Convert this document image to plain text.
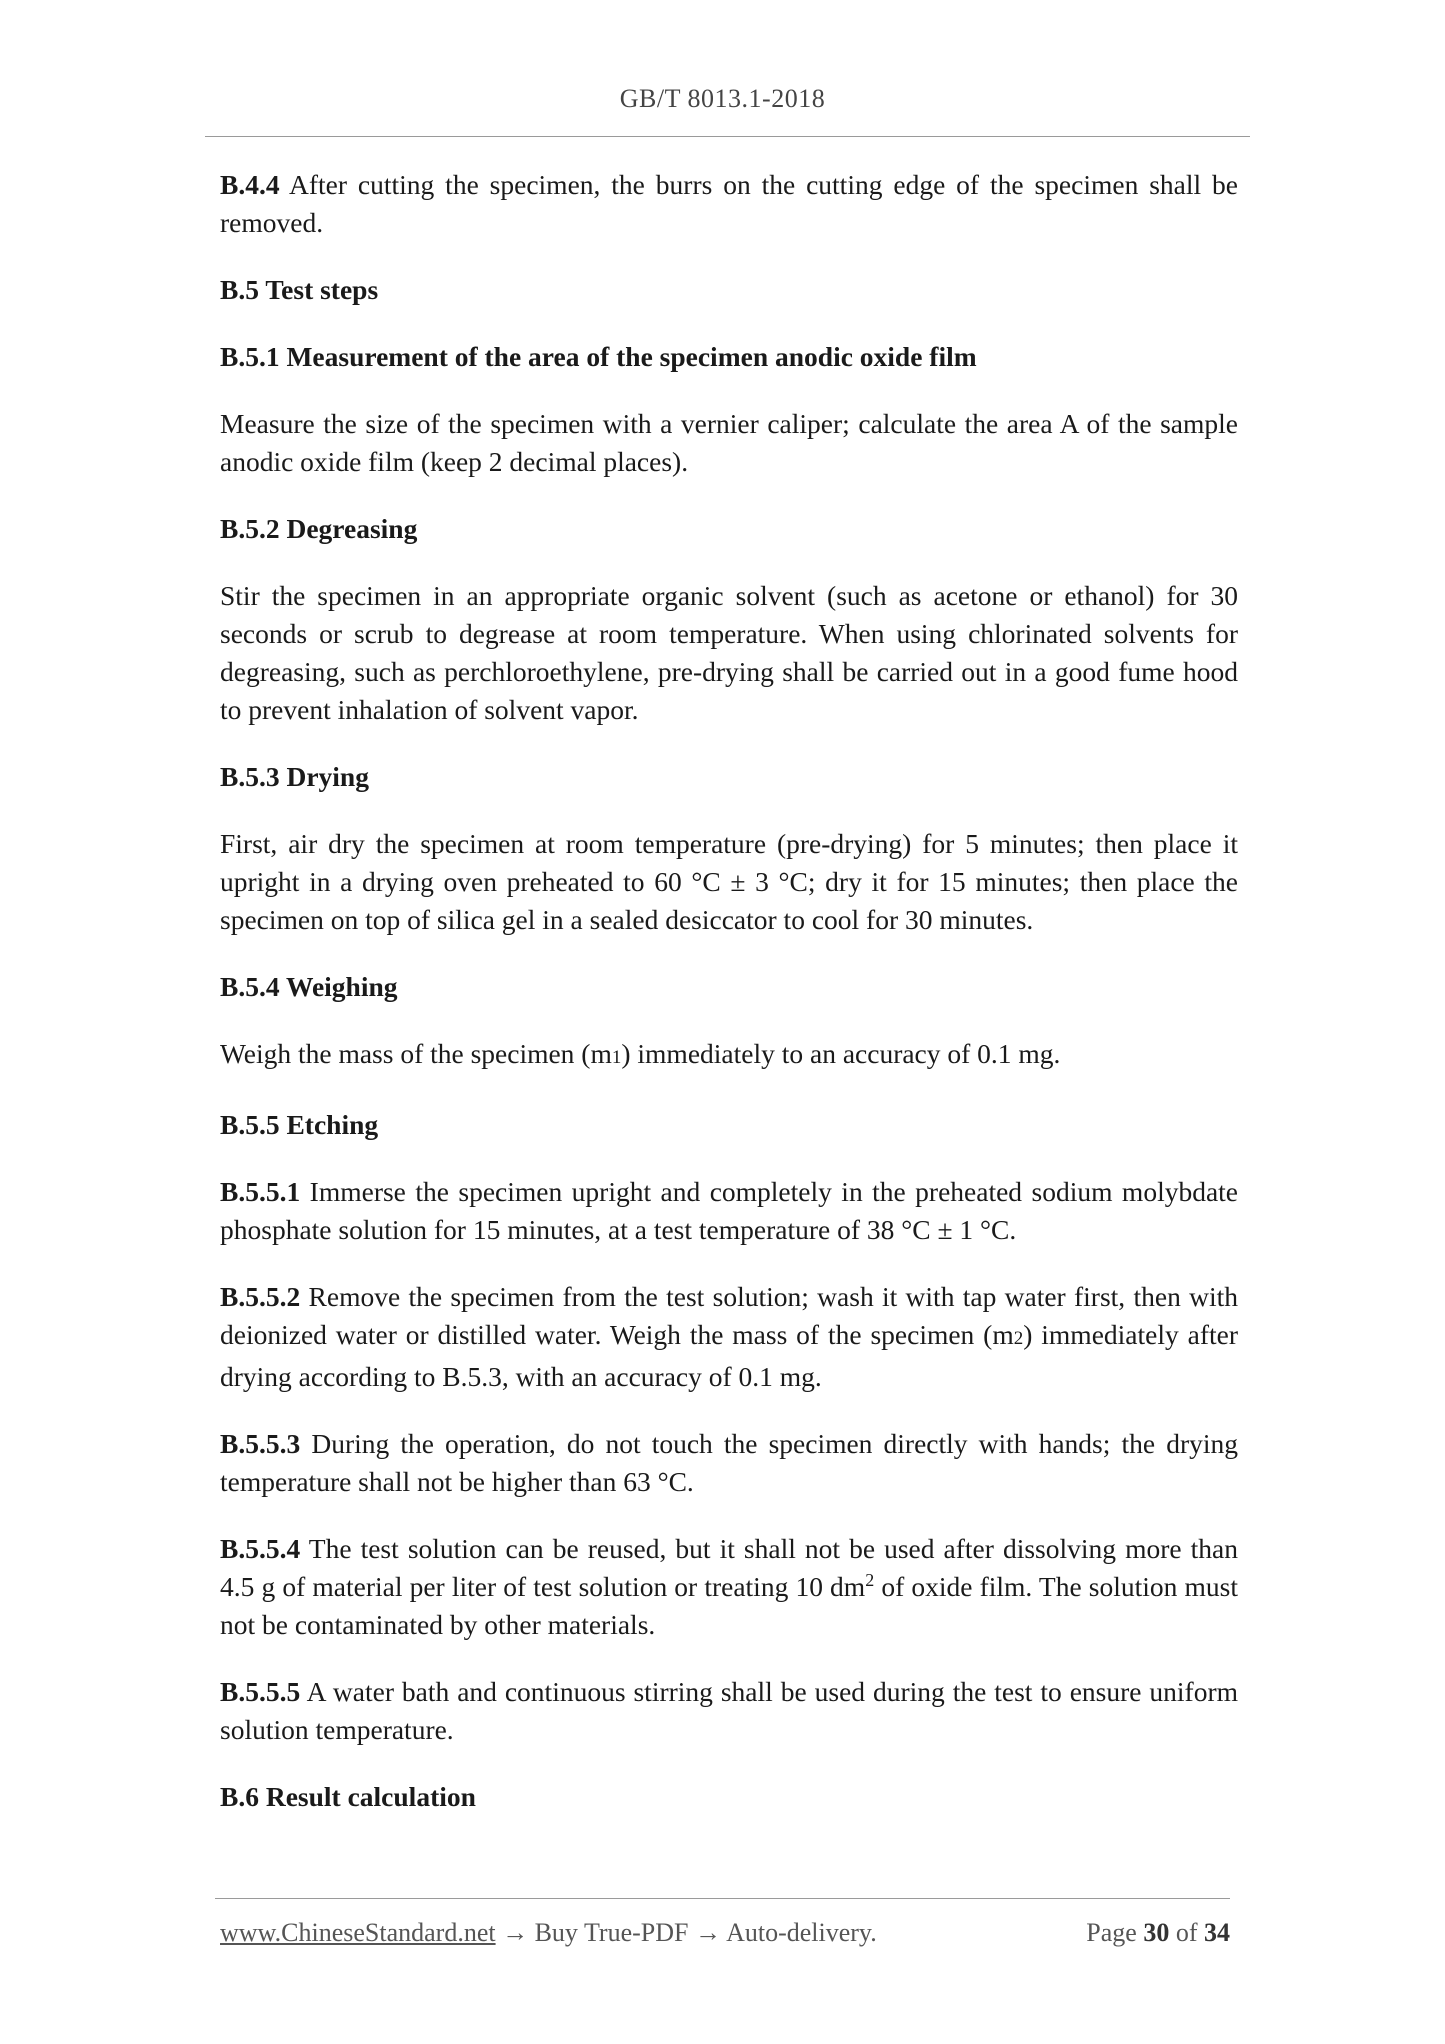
GB/T 8013.1-2018

B.4.4 After cutting the specimen, the burrs on the cutting edge of the specimen shall be removed.

B.5 Test steps

B.5.1 Measurement of the area of the specimen anodic oxide film

Measure the size of the specimen with a vernier caliper; calculate the area A of the sample anodic oxide film (keep 2 decimal places).

B.5.2 Degreasing

Stir the specimen in an appropriate organic solvent (such as acetone or ethanol) for 30 seconds or scrub to degrease at room temperature. When using chlorinated solvents for degreasing, such as perchloroethylene, pre-drying shall be carried out in a good fume hood to prevent inhalation of solvent vapor.

B.5.3 Drying

First, air dry the specimen at room temperature (pre-drying) for 5 minutes; then place it upright in a drying oven preheated to 60 °C ± 3 °C; dry it for 15 minutes; then place the specimen on top of silica gel in a sealed desiccator to cool for 30 minutes.

B.5.4 Weighing

Weigh the mass of the specimen (m1) immediately to an accuracy of 0.1 mg.

B.5.5 Etching

B.5.5.1 Immerse the specimen upright and completely in the preheated sodium molybdate phosphate solution for 15 minutes, at a test temperature of 38 °C ± 1 °C.

B.5.5.2 Remove the specimen from the test solution; wash it with tap water first, then with deionized water or distilled water. Weigh the mass of the specimen (m2) immediately after drying according to B.5.3, with an accuracy of 0.1 mg.

B.5.5.3 During the operation, do not touch the specimen directly with hands; the drying temperature shall not be higher than 63 °C.

B.5.5.4 The test solution can be reused, but it shall not be used after dissolving more than 4.5 g of material per liter of test solution or treating 10 $dm^2$ of oxide film. The solution must not be contaminated by other materials.

B.5.5.5 A water bath and continuous stirring shall be used during the test to ensure uniform solution temperature.

B.6 Result calculation

www.ChineseStandard.net → Buy True-PDF → Auto-delivery.	Page 30 of 34
